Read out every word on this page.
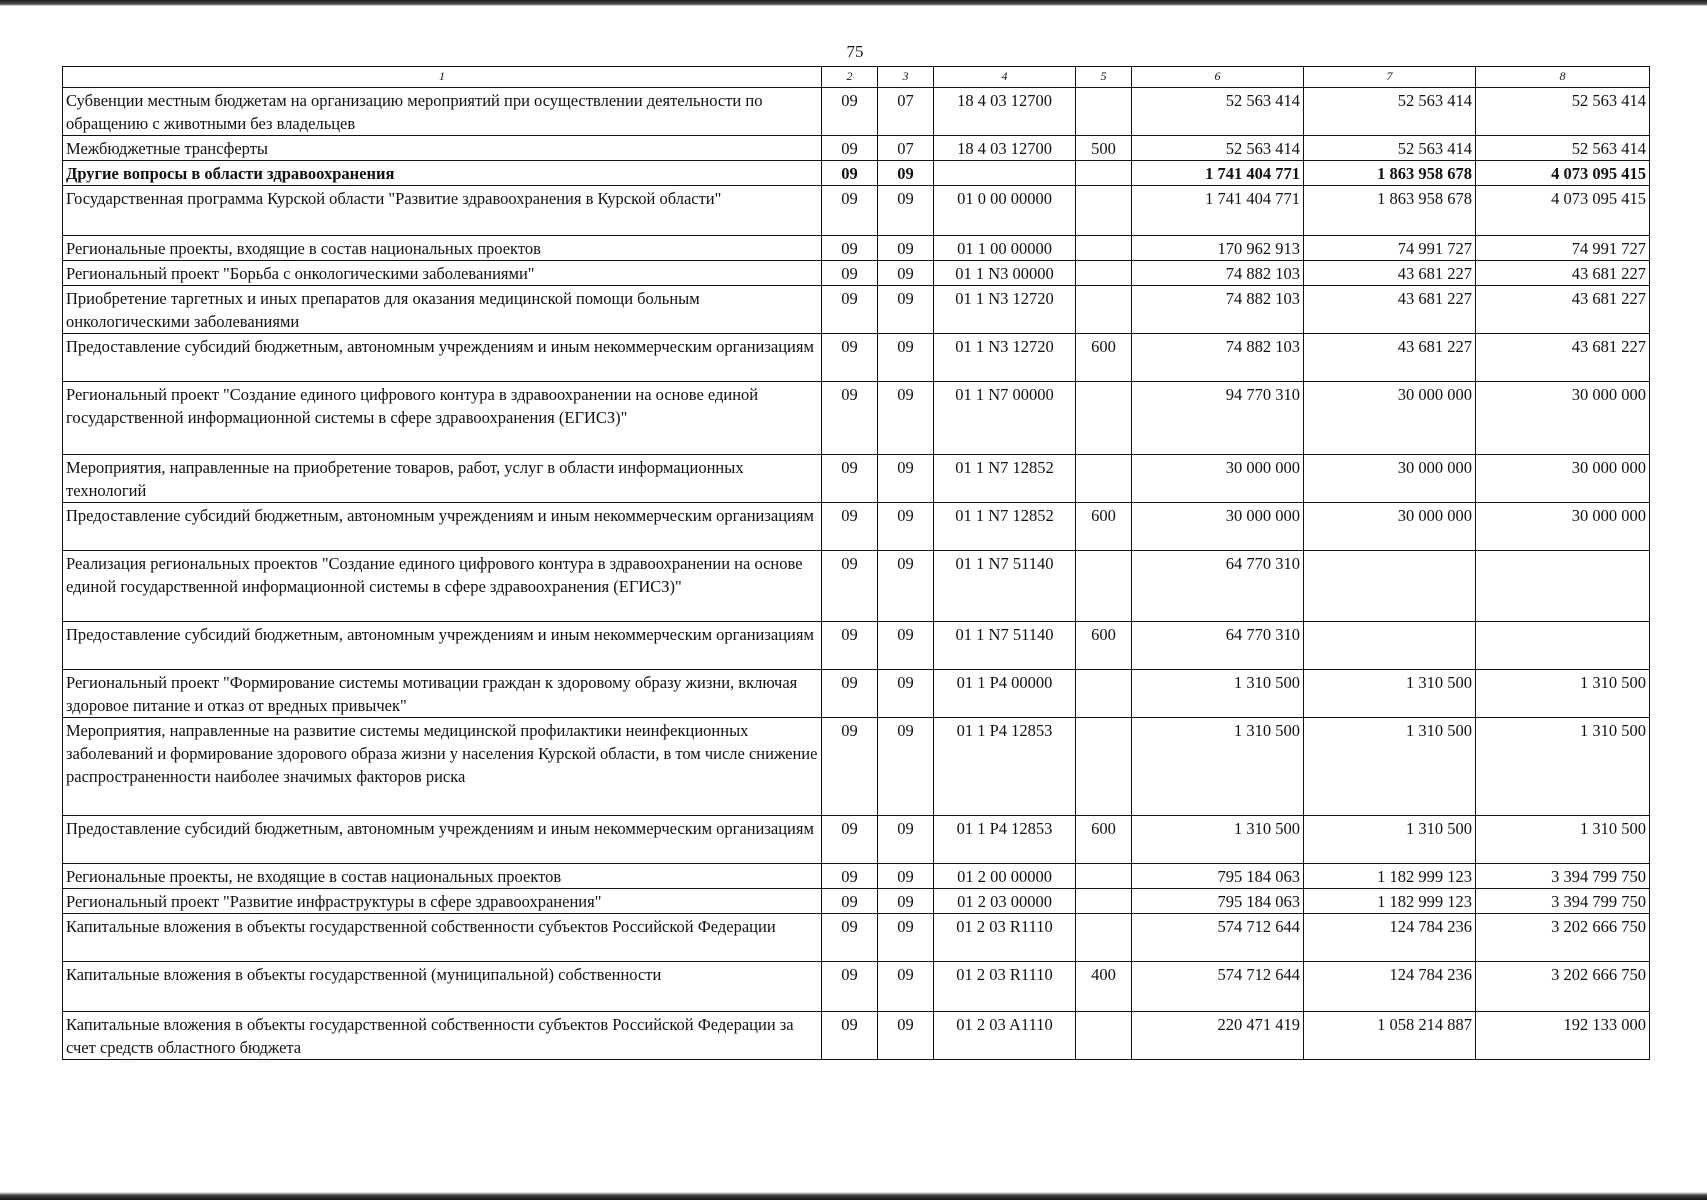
75
1	2	3	4	5	6	7	8
Субвенции местным бюджетам на организацию мероприятий при осуществлении деятельности по обращению с животными без владельцев	09	07	18 4 03 12700		52 563 414	52 563 414	52 563 414
Межбюджетные трансферты	09	07	18 4 03 12700	500	52 563 414	52 563 414	52 563 414
Другие вопросы в области здравоохранения	09	09			1 741 404 771	1 863 958 678	4 073 095 415
Государственная программа Курской области "Развитие здравоохранения в Курской области"	09	09	01 0 00 00000		1 741 404 771	1 863 958 678	4 073 095 415
Региональные проекты, входящие в состав национальных проектов	09	09	01 1 00 00000		170 962 913	74 991 727	74 991 727
Региональный проект "Борьба с онкологическими заболеваниями"	09	09	01 1 N3 00000		74 882 103	43 681 227	43 681 227
Приобретение таргетных и иных препаратов для оказания медицинской помощи больным онкологическими заболеваниями	09	09	01 1 N3 12720		74 882 103	43 681 227	43 681 227
Предоставление субсидий бюджетным, автономным учреждениям и иным некоммерческим организациям	09	09	01 1 N3 12720	600	74 882 103	43 681 227	43 681 227
Региональный проект "Создание единого цифрового контура в здравоохранении на основе единой государственной информационной системы в сфере здравоохранения (ЕГИСЗ)"	09	09	01 1 N7 00000		94 770 310	30 000 000	30 000 000
Мероприятия, направленные на приобретение товаров, работ, услуг в области информационных технологий	09	09	01 1 N7 12852		30 000 000	30 000 000	30 000 000
Предоставление субсидий бюджетным, автономным учреждениям и иным некоммерческим организациям	09	09	01 1 N7 12852	600	30 000 000	30 000 000	30 000 000
Реализация региональных проектов "Создание единого цифрового контура в здравоохранении на основе единой государственной информационной системы в сфере здравоохранения (ЕГИСЗ)"	09	09	01 1 N7 51140		64 770 310		
Предоставление субсидий бюджетным, автономным учреждениям и иным некоммерческим организациям	09	09	01 1 N7 51140	600	64 770 310		
Региональный проект "Формирование системы мотивации граждан к здоровому образу жизни, включая здоровое питание и отказ от вредных привычек"	09	09	01 1 P4 00000		1 310 500	1 310 500	1 310 500
Мероприятия, направленные на развитие системы медицинской профилактики неинфекционных заболеваний и формирование здорового образа жизни у населения Курской области, в том числе снижение распространенности наиболее значимых факторов риска	09	09	01 1 P4 12853		1 310 500	1 310 500	1 310 500
Предоставление субсидий бюджетным, автономным учреждениям и иным некоммерческим организациям	09	09	01 1 P4 12853	600	1 310 500	1 310 500	1 310 500
Региональные проекты, не входящие в состав национальных проектов	09	09	01 2 00 00000		795 184 063	1 182 999 123	3 394 799 750
Региональный проект "Развитие инфраструктуры в сфере здравоохранения"	09	09	01 2 03 00000		795 184 063	1 182 999 123	3 394 799 750
Капитальные вложения в объекты государственной собственности субъектов Российской Федерации	09	09	01 2 03 R1110		574 712 644	124 784 236	3 202 666 750
Капитальные вложения в объекты государственной (муниципальной) собственности	09	09	01 2 03 R1110	400	574 712 644	124 784 236	3 202 666 750
Капитальные вложения в объекты государственной собственности субъектов Российской Федерации за счет средств областного бюджета	09	09	01 2 03 A1110		220 471 419	1 058 214 887	192 133 000
